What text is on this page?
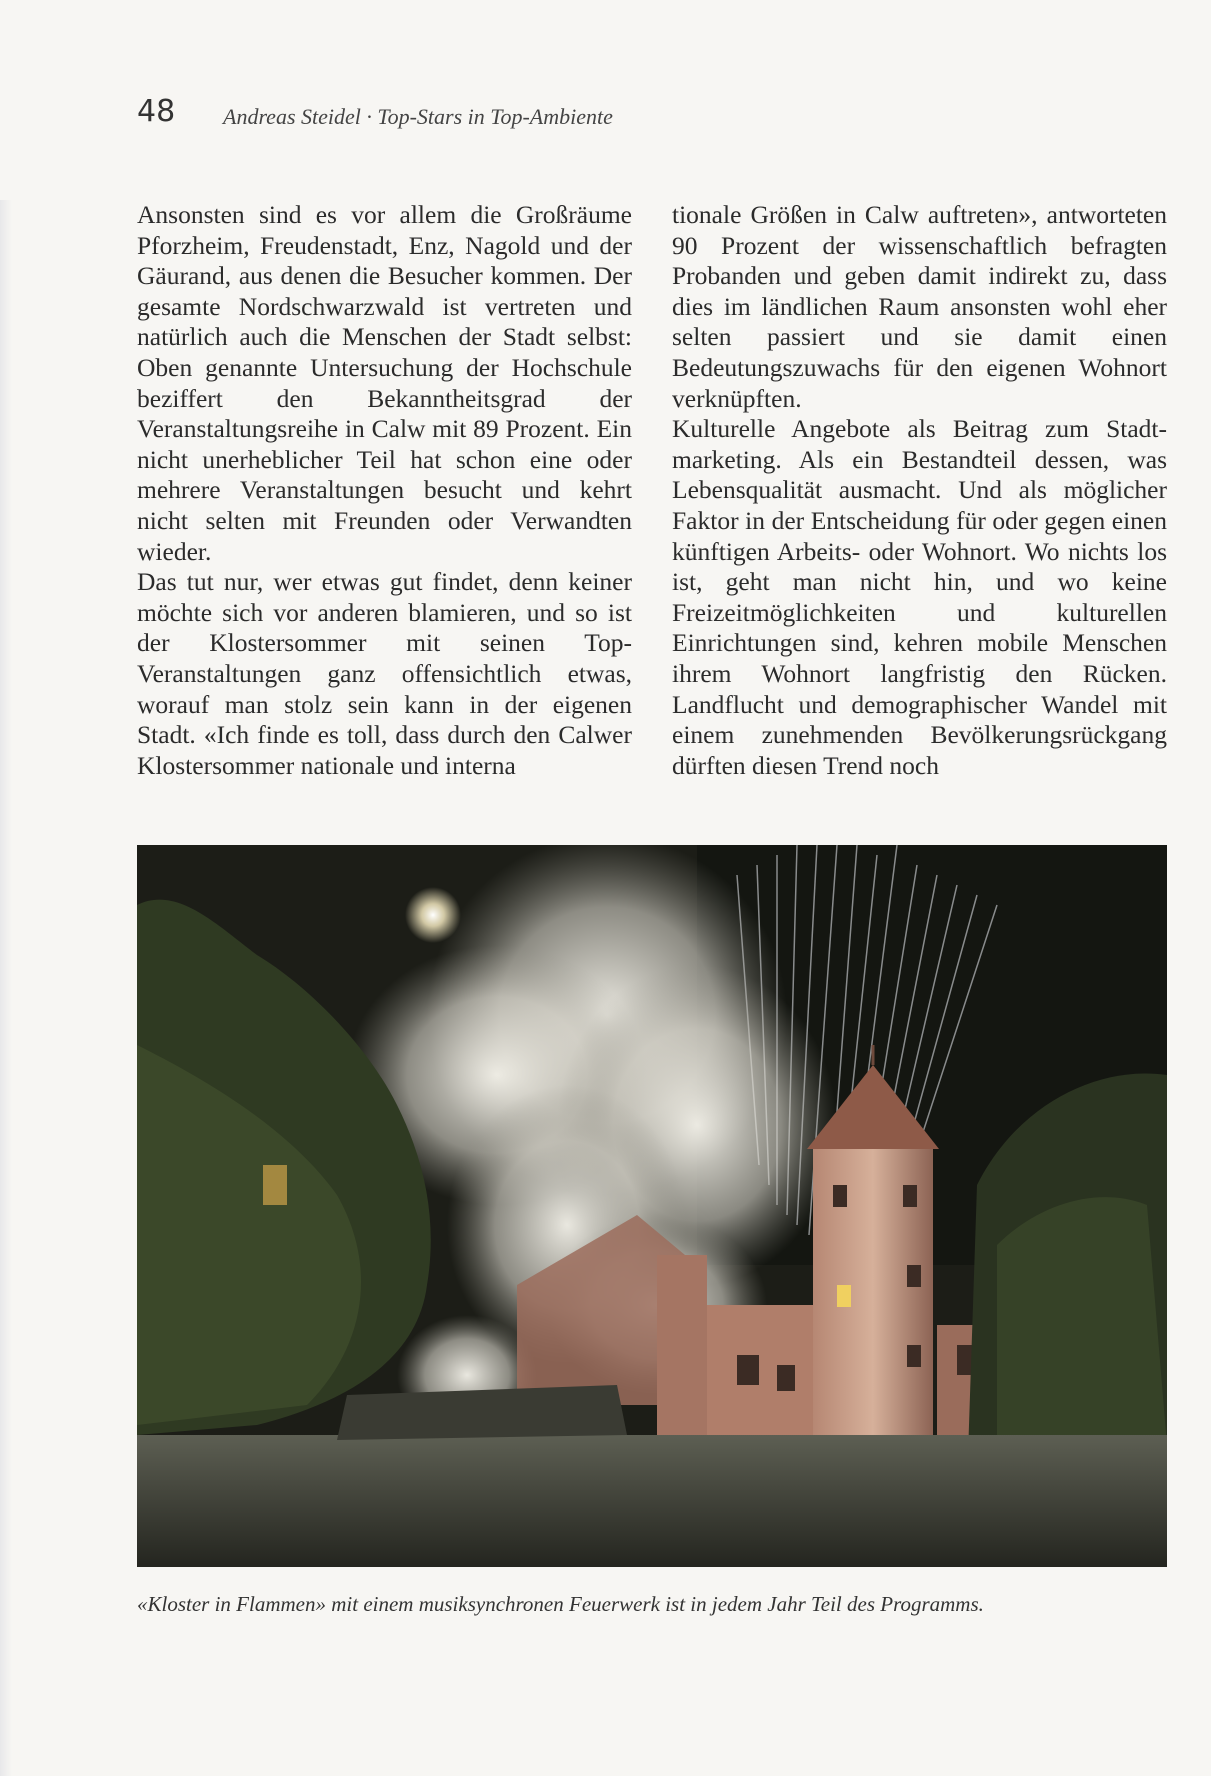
48 Andreas Steidel · Top-Stars in Top-Ambiente

Ansonsten sind es vor allem die Großräume Pforzheim, Freudenstadt, Enz, Nagold und der Gäurand, aus denen die Besucher kommen. Der gesamte Nordschwarzwald ist vertreten und natürlich auch die Menschen der Stadt selbst: Oben genannte Untersuchung der Hochschule beziffert den Bekanntheitsgrad der Veranstaltungsreihe in Calw mit 89 Prozent. Ein nicht unerheblicher Teil hat schon eine oder mehrere Veranstaltungen besucht und kehrt nicht selten mit Freunden oder Verwandten wieder.

Das tut nur, wer etwas gut findet, denn keiner möchte sich vor anderen blamieren, und so ist der Klostersommer mit seinen Top-Veranstaltungen ganz offensichtlich etwas, worauf man stolz sein kann in der eigenen Stadt. «Ich finde es toll, dass durch den Calwer Klostersommer nationale und interna

tionale Größen in Calw auftreten», antworteten 90 Prozent der wissenschaftlich befragten Probanden und geben damit indirekt zu, dass dies im ländlichen Raum ansonsten wohl eher selten passiert und sie damit einen Bedeutungszuwachs für den eigenen Wohnort verknüpften.

Kulturelle Angebote als Beitrag zum Stadtmarketing. Als ein Bestandteil dessen, was Lebensqualität ausmacht. Und als möglicher Faktor in der Entscheidung für oder gegen einen künftigen Arbeits- oder Wohnort. Wo nichts los ist, geht man nicht hin, und wo keine Freizeitmöglichkeiten und kulturellen Einrichtungen sind, kehren mobile Menschen ihrem Wohnort langfristig den Rücken. Landflucht und demographischer Wandel mit einem zunehmenden Bevölkerungsrückgang dürften diesen Trend noch

«Kloster in Flammen» mit einem musiksynchronen Feuerwerk ist in jedem Jahr Teil des Programms.
